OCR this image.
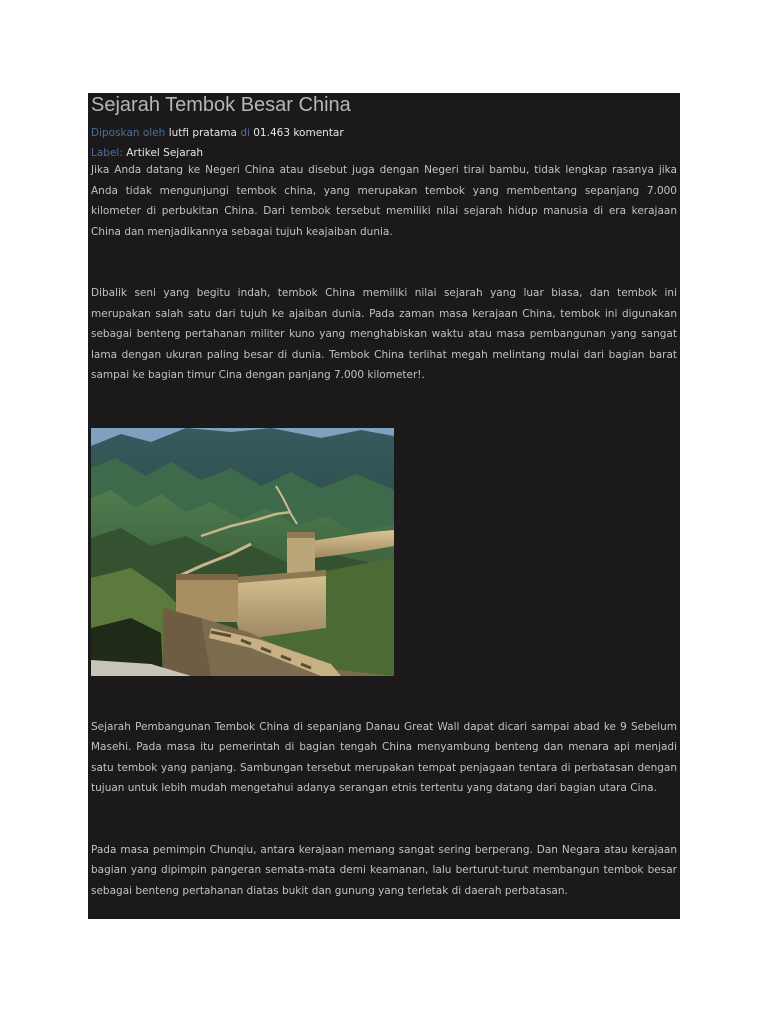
Sejarah Tembok Besar China
Diposkan oleh lutfi pratama di 01.463 komentar
Label: Artikel Sejarah

Jika Anda datang ke Negeri China atau disebut juga dengan Negeri tirai bambu, tidak lengkap rasanya jika Anda tidak mengunjungi tembok china, yang merupakan tembok yang membentang sepanjang 7.000 kilometer di perbukitan China. Dari tembok tersebut memiliki nilai sejarah hidup manusia di era kerajaan China dan menjadikannya sebagai tujuh keajaiban dunia.

Dibalik seni yang begitu indah, tembok China memiliki nilai sejarah yang luar biasa, dan tembok ini merupakan salah satu dari tujuh ke ajaiban dunia. Pada zaman masa kerajaan China, tembok ini digunakan sebagai benteng pertahanan militer kuno yang menghabiskan waktu atau masa pembangunan yang sangat lama dengan ukuran paling besar di dunia. Tembok China terlihat megah melintang mulai dari bagian barat sampai ke bagian timur Cina dengan panjang 7.000 kilometer!.

Sejarah Pembangunan Tembok China di sepanjang Danau Great Wall dapat dicari sampai abad ke 9 Sebelum Masehi. Pada masa itu pemerintah di bagian tengah China menyambung benteng dan menara api menjadi satu tembok yang panjang. Sambungan tersebut merupakan tempat penjagaan tentara di perbatasan dengan tujuan untuk lebih mudah mengetahui adanya serangan etnis tertentu yang datang dari bagian utara Cina.

Pada masa pemimpin Chunqiu, antara kerajaan memang sangat sering berperang. Dan Negara atau kerajaan bagian yang dipimpin pangeran semata-mata demi keamanan, lalu berturut-turut membangun tembok besar sebagai benteng pertahanan diatas bukit dan gunung yang terletak di daerah perbatasan.
